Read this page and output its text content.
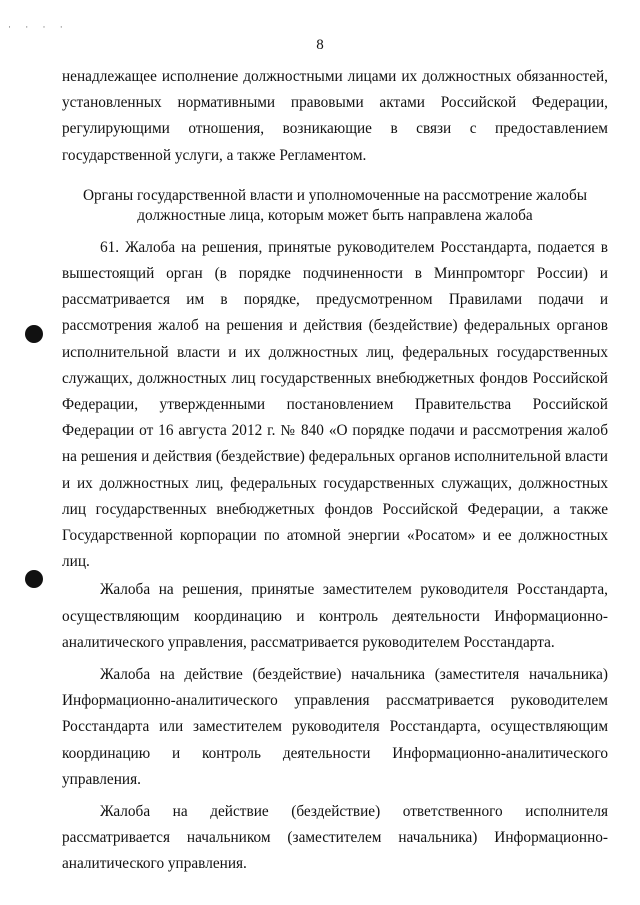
· · · ·
8

ненадлежащее исполнение должностными лицами их должностных обязанностей, установленных нормативными правовыми актами Российской Федерации, регулирующими отношения, возникающие в связи с предоставлением государственной услуги, а также Регламентом.

Органы государственной власти и уполномоченные на рассмотрение жалобы

должностные лица, которым может быть направлена жалоба

61. Жалоба на решения, принятые руководителем Росстандарта, подается в вышестоящий орган (в порядке подчиненности в Минпромторг России) и рассматривается им в порядке, предусмотренном Правилами подачи и рассмотрения жалоб на решения и действия (бездействие) федеральных органов исполнительной власти и их должностных лиц, федеральных государственных служащих, должностных лиц государственных внебюджетных фондов Российской Федерации, утвержденными постановлением Правительства Российской Федерации от 16 августа 2012 г. № 840 «О порядке подачи и рассмотрения жалоб на решения и действия (бездействие) федеральных органов исполнительной власти и их должностных лиц, федеральных государственных служащих, должностных лиц государственных внебюджетных фондов Российской Федерации, а также Государственной корпорации по атомной энергии «Росатом» и ее должностных лиц.

Жалоба на решения, принятые заместителем руководителя Росстандарта, осуществляющим координацию и контроль деятельности Информационно-аналитического управления, рассматривается руководителем Росстандарта.

Жалоба на действие (бездействие) начальника (заместителя начальника) Информационно-аналитического управления рассматривается руководителем Росстандарта или заместителем руководителя Росстандарта, осуществляющим координацию и контроль деятельности Информационно-аналитического управления.

Жалоба на действие (бездействие) ответственного исполнителя рассматривается начальником (заместителем начальника) Информационно-аналитического управления.
